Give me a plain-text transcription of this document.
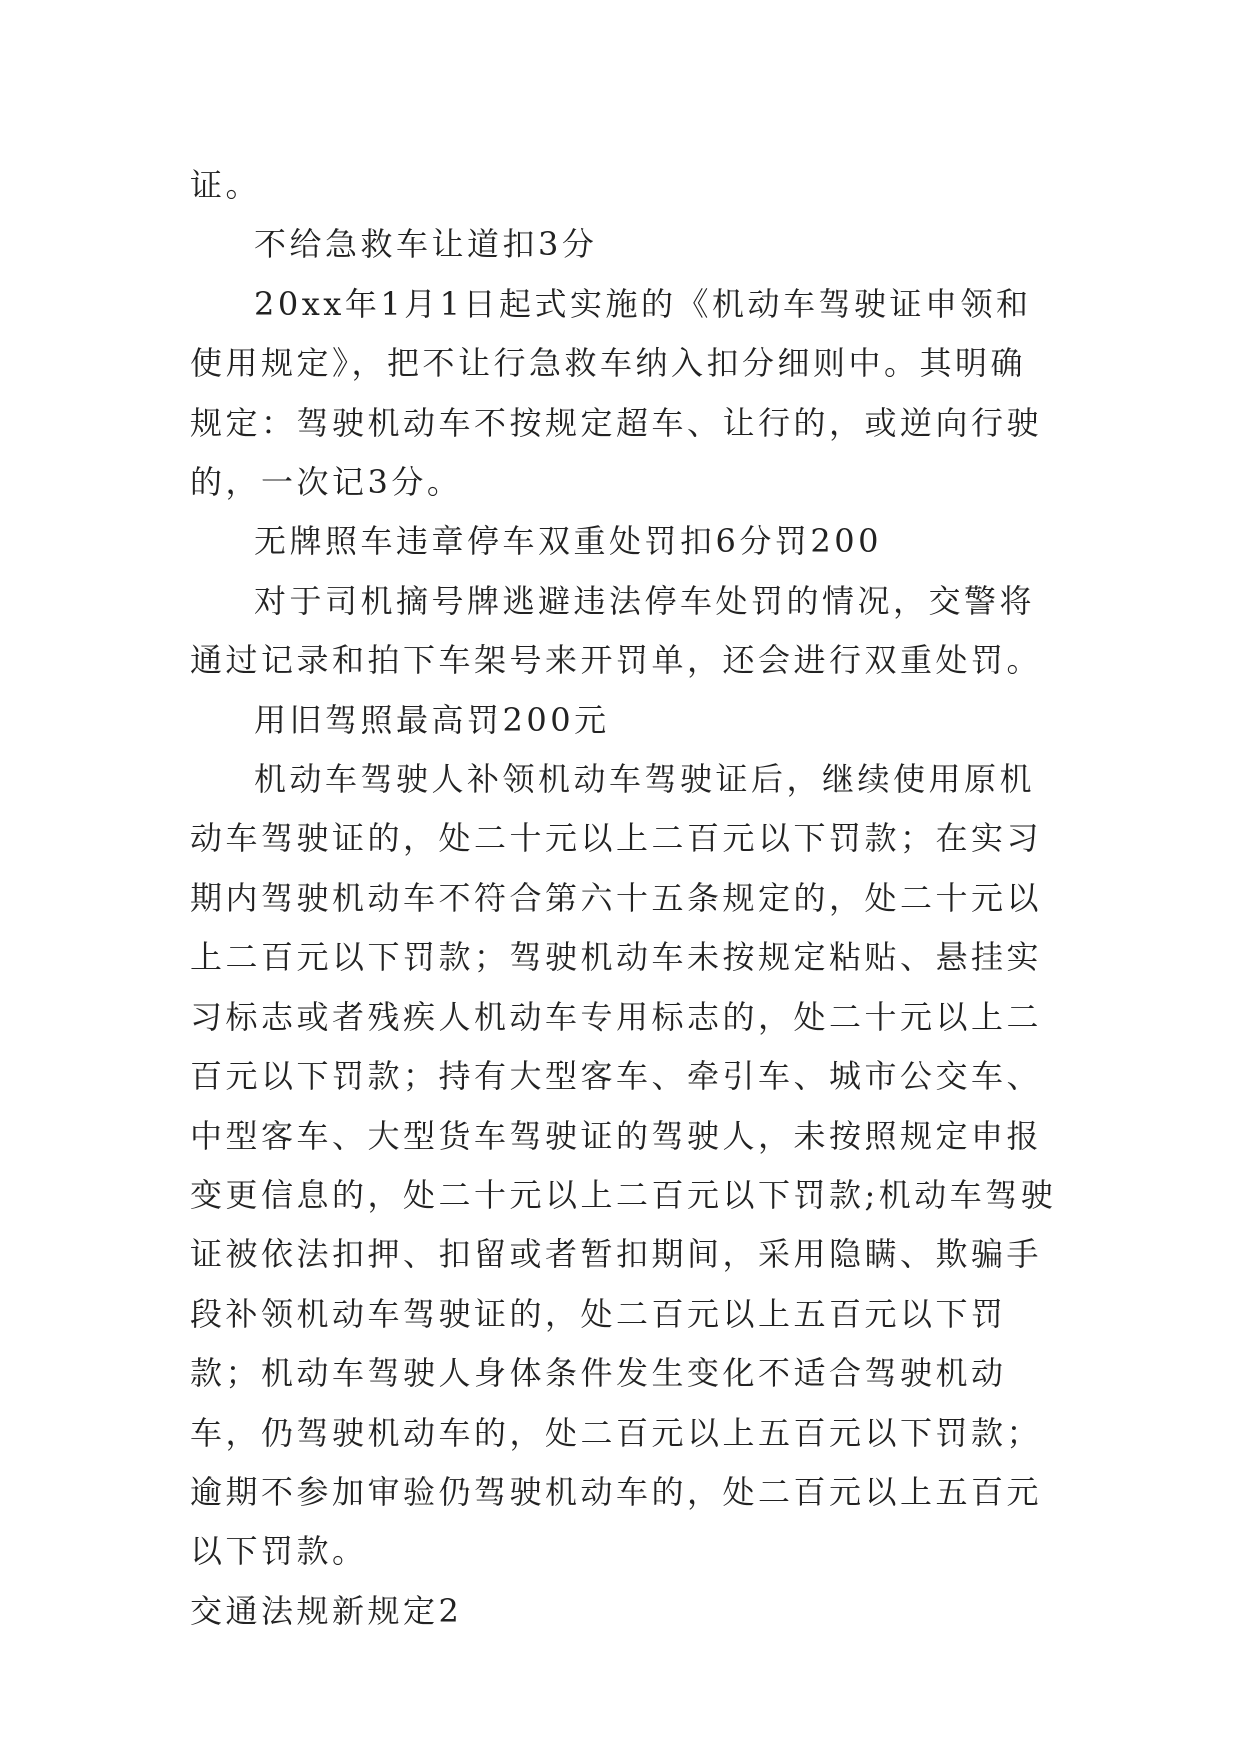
证。

不给急救车让道扣3分

20xx年1月1日起式实施的《机动车驾驶证申领和使用规定》，把不让行急救车纳入扣分细则中。其明确规定：驾驶机动车不按规定超车、让行的，或逆向行驶的，一次记3分。

无牌照车违章停车双重处罚扣6分罚200

对于司机摘号牌逃避违法停车处罚的情况，交警将通过记录和拍下车架号来开罚单，还会进行双重处罚。

用旧驾照最高罚200元

机动车驾驶人补领机动车驾驶证后，继续使用原机动车驾驶证的，处二十元以上二百元以下罚款；在实习期内驾驶机动车不符合第六十五条规定的，处二十元以上二百元以下罚款；驾驶机动车未按规定粘贴、悬挂实习标志或者残疾人机动车专用标志的，处二十元以上二百元以下罚款；持有大型客车、牵引车、城市公交车、中型客车、大型货车驾驶证的驾驶人，未按照规定申报变更信息的，处二十元以上二百元以下罚款;机动车驾驶证被依法扣押、扣留或者暂扣期间，采用隐瞒、欺骗手段补领机动车驾驶证的，处二百元以上五百元以下罚款；机动车驾驶人身体条件发生变化不适合驾驶机动车，仍驾驶机动车的，处二百元以上五百元以下罚款；逾期不参加审验仍驾驶机动车的，处二百元以上五百元以下罚款。

交通法规新规定2
